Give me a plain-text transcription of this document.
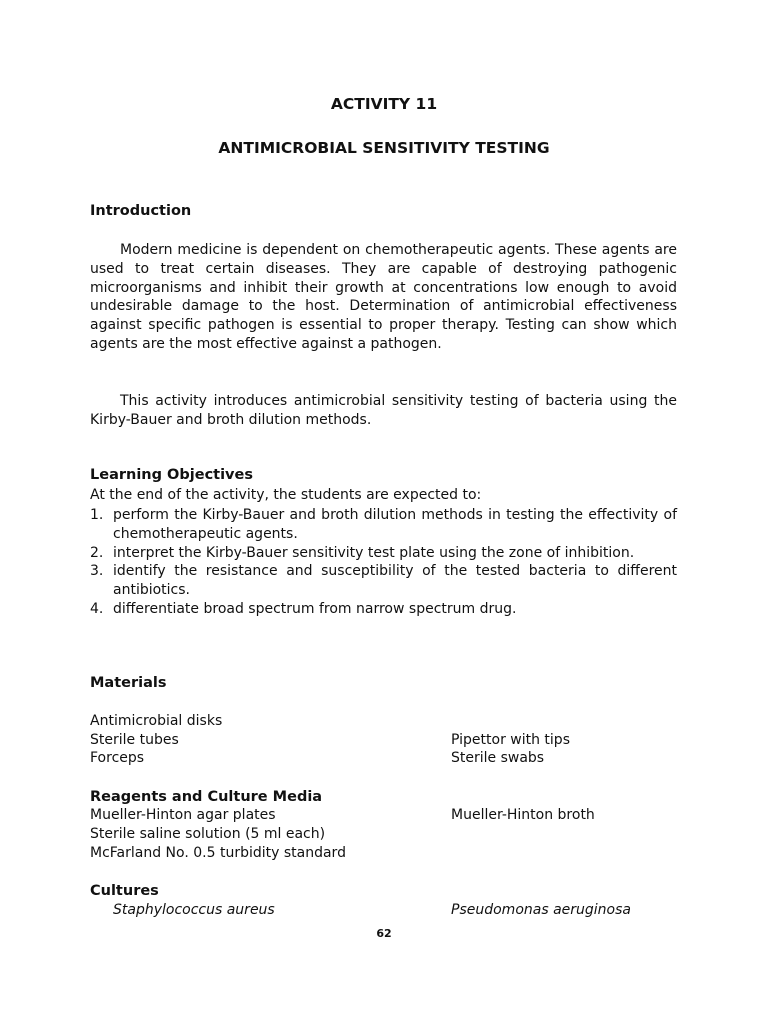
ACTIVITY 11
ANTIMICROBIAL SENSITIVITY TESTING
Introduction

Modern medicine is dependent on chemotherapeutic agents. These agents are used to treat certain diseases. They are capable of destroying pathogenic microorganisms and inhibit their growth at concentrations low enough to avoid undesirable damage to the host. Determination of antimicrobial effectiveness against specific pathogen is essential to proper therapy. Testing can show which agents are the most effective against a pathogen.

This activity introduces antimicrobial sensitivity testing of bacteria using the Kirby-Bauer and broth dilution methods.

Learning Objectives
At the end of the activity, the students are expected to:
1. perform the Kirby-Bauer and broth dilution methods in testing the effectivity of chemotherapeutic agents.
2. interpret the Kirby-Bauer sensitivity test plate using the zone of inhibition.
3. identify the resistance and susceptibility of the tested bacteria to different antibiotics.
4. differentiate broad spectrum from narrow spectrum drug.
Materials
Antimicrobial disks
Sterile tubes
Forceps
Pipettor with tips
Sterile swabs
Reagents and Culture Media
Mueller-Hinton agar plates
Sterile saline solution (5 ml each)
McFarland No. 0.5 turbidity standard
Mueller-Hinton broth
Cultures
Staphylococcus aureus	Pseudomonas aeruginosa
62
